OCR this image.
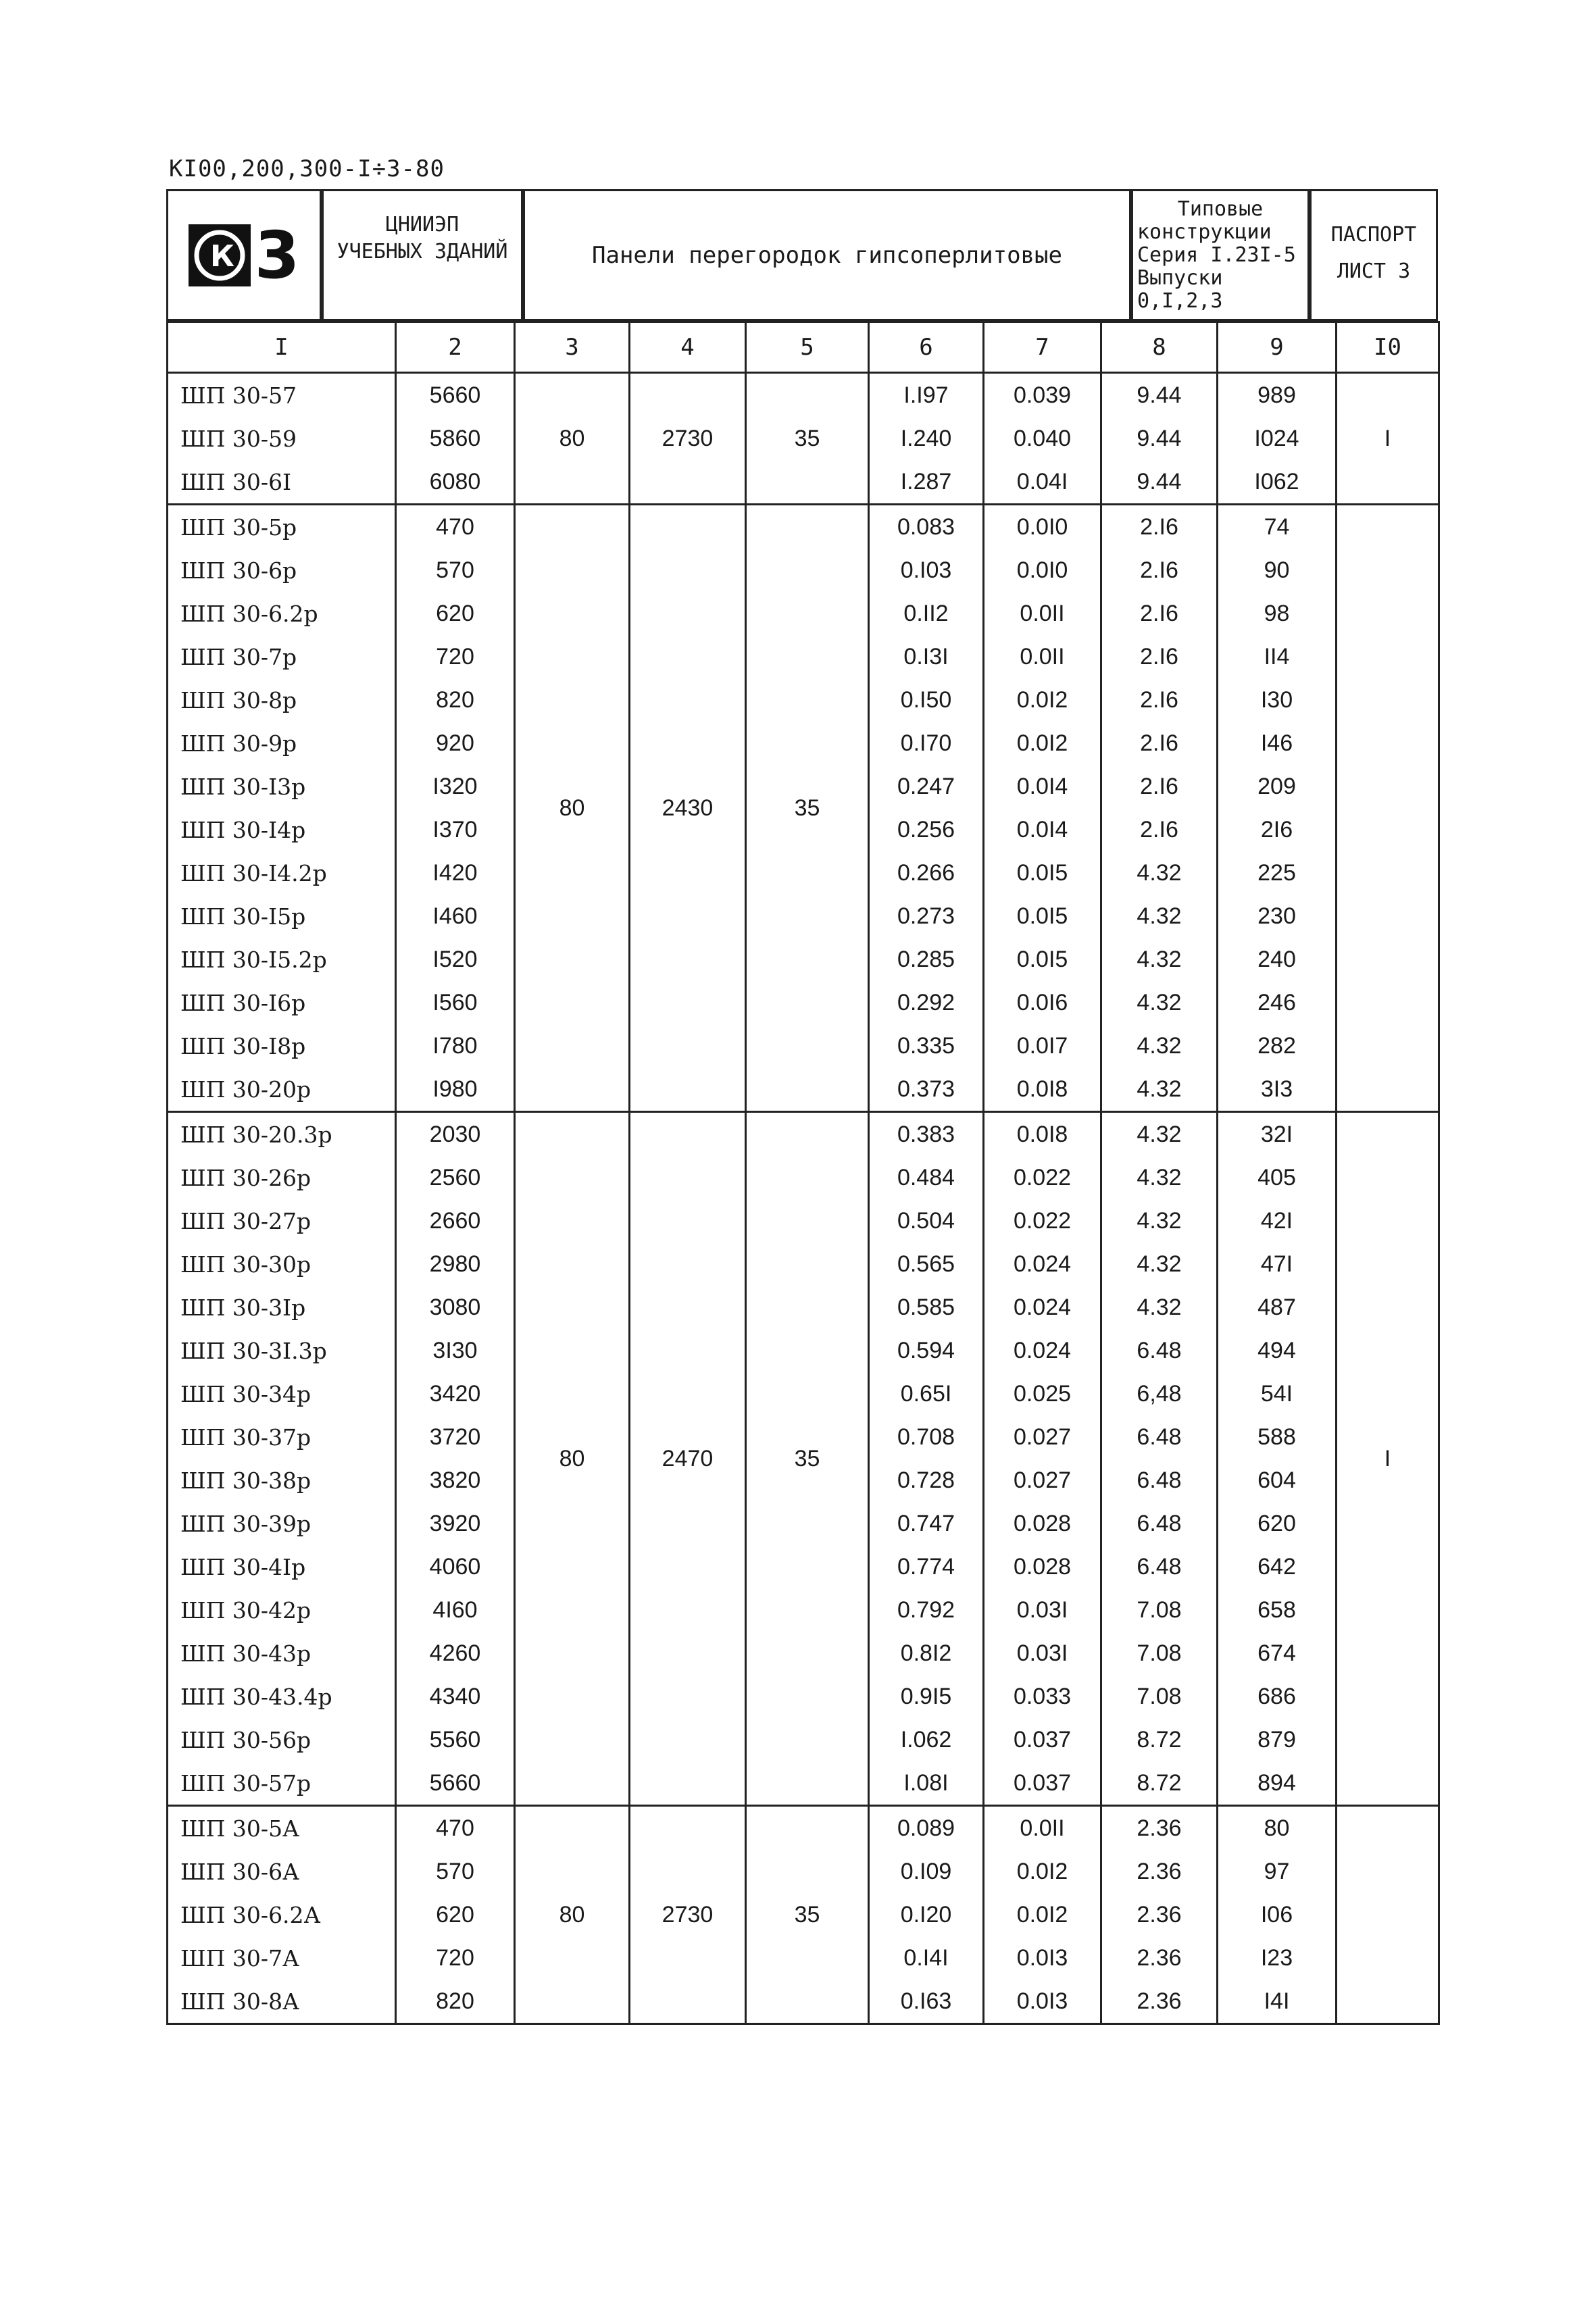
KI00,200,300-I÷3-80
К 3	ЦНИИЭП
УЧЕБНЫХ ЗДАНИЙ	Панели перегородок гипсоперлитовые
Типовые
конструкции
Серия I.23I-5
Выпуски 0,I,2,3
ПАСПОРТ
ЛИСТ 3
I	2	3	4	5	6	7	8	9	I0
ШП 30-57	5660	80	2730	35	I.I97	0.039	9.44	989	I
ШП 30-59	5860				I.240	0.040	9.44	I024	
ШП 30-6I	6080				I.287	0.04I	9.44	I062	
ШП 30-5р	470	80	2430	35	0.083	0.0I0	2.I6	74	
ШП 30-6р	570				0.I03	0.0I0	2.I6	90	
ШП 30-6.2р	620				0.II2	0.0II	2.I6	98	
ШП 30-7р	720				0.I3I	0.0II	2.I6	II4	
ШП 30-8р	820				0.I50	0.0I2	2.I6	I30	
ШП 30-9р	920				0.I70	0.0I2	2.I6	I46	
ШП 30-I3р	I320				0.247	0.0I4	2.I6	209	
ШП 30-I4р	I370				0.256	0.0I4	2.I6	2I6	
ШП 30-I4.2р	I420				0.266	0.0I5	4.32	225	
ШП 30-I5р	I460				0.273	0.0I5	4.32	230	
ШП 30-I5.2р	I520				0.285	0.0I5	4.32	240	
ШП 30-I6р	I560				0.292	0.0I6	4.32	246	
ШП 30-I8р	I780				0.335	0.0I7	4.32	282	
ШП 30-20р	I980				0.373	0.0I8	4.32	3I3	
ШП 30-20.3р	2030	80	2470	35	0.383	0.0I8	4.32	32I	I
ШП 30-26р	2560				0.484	0.022	4.32	405	
ШП 30-27р	2660				0.504	0.022	4.32	42I	
ШП 30-30р	2980				0.565	0.024	4.32	47I	
ШП 30-3Iр	3080				0.585	0.024	4.32	487	
ШП 30-3I.3р	3I30				0.594	0.024	6.48	494	
ШП 30-34р	3420				0.65I	0.025	6,48	54I	
ШП 30-37р	3720				0.708	0.027	6.48	588	
ШП 30-38р	3820				0.728	0.027	6.48	604	
ШП 30-39р	3920				0.747	0.028	6.48	620	
ШП 30-4Iр	4060				0.774	0.028	6.48	642	
ШП 30-42р	4I60				0.792	0.03I	7.08	658	
ШП 30-43р	4260				0.8I2	0.03I	7.08	674	
ШП 30-43.4р	4340				0.9I5	0.033	7.08	686	
ШП 30-56р	5560				I.062	0.037	8.72	879	
ШП 30-57р	5660				I.08I	0.037	8.72	894	
ШП 30-5А	470	80	2730	35	0.089	0.0II	2.36	80	
ШП 30-6А	570				0.I09	0.0I2	2.36	97	
ШП 30-6.2А	620				0.I20	0.0I2	2.36	I06	
ШП 30-7А	720				0.I4I	0.0I3	2.36	I23	
ШП 30-8А	820				0.I63	0.0I3	2.36	I4I	
